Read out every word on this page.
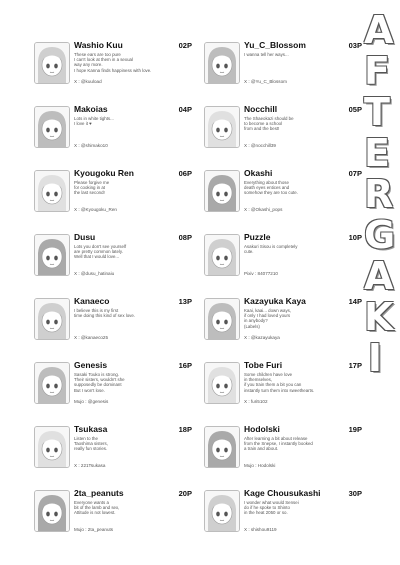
Washio Kuu	02P
These ears are too pure
I can't look at them in a sexual
way any more.
I hope Kanna finds happiness with love.
X : @kuuload
Makoias	04P
Lots in white tights...
I love it ♥
X : @shimako10
Kyougoku Ren	06P
Please forgive me
for cooking in at
the last second!
X : @Kyougoku_Ren
Dusu	08P
Lots you don't see yourself
are pretty common lately.
Well that I would love...
X : @dusu_hatinaiu
Kanaeco	13P
I believe this is my first
time doing this kind of sex love.
X : @kanaeco25
Genesis	16P
Sasaki Touko is strong.
Their sisters, wouldn't she
supposedly be dominant
But I won't lose.
Mujo : @genesis
Tsukasa	18P
Listen to the
Taoshima sisters,
really fun stories.
X : 221Tsukasa
2ta_peanuts	20P
Everyone wants a
bit of the lamb and sex,
Attitude is not lowest.
Mujo : 2ta_peanuts
Yu_C_Blossom	03P
I wanna tell her ways...
X : @Yu_C_Blossom
Nocchill	05P
The Shaeokazi should be
to become a school
from and the best!
X : @nocchill39
Okashi	07P
Everything about those
death eyes entices and
somehow they are too cute.
X : @Okashi_pops
Puzzle	10P
Asakuri Sisou is completely
cute.
Pixiv : 84077210
Kazayuka Kaya	14P
Kaai, kaai... down ways,
if only I had loved yours
in anybody?
(Labels)
X : @kazayukaya
Tobe Furi	17P
Some children have love
in themselves,
if you train them a bit you can
instantly turn them into sweethearts.
X : furi5102
Hodolski	19P
After learning a bit about release
from the Snepse, I instantly booked
a train and about.
Mujo : Hodolski
Kage Chousukashi	30P
I wonder what would Sensei
do if he spoke to Shinto
in the heat 2050 or so.
X : shishou9119
A
F
T
E
R
G
A
K
I
